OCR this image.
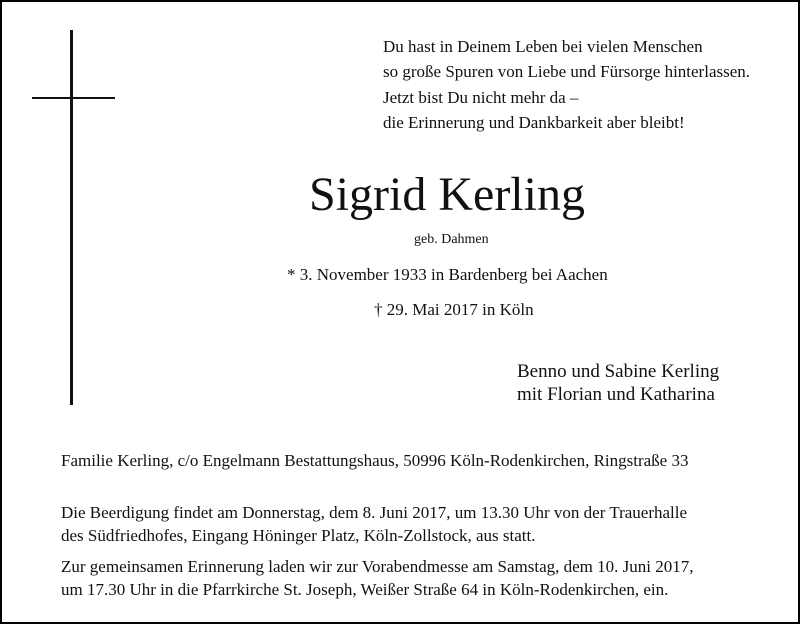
Du hast in Deinem Leben bei vielen Menschen
so große Spuren von Liebe und Fürsorge hinterlassen.
Jetzt bist Du nicht mehr da –
die Erinnerung und Dankbarkeit aber bleibt!

Sigrid Kerling
geb. Dahmen
* 3. November 1933 in Bardenberg bei Aachen
† 29. Mai 2017 in Köln
Benno und Sabine Kerling
mit Florian und Katharina
Familie Kerling, c/o Engelmann Bestattungshaus, 50996 Köln-Rodenkirchen, Ringstraße 33
Die Beerdigung findet am Donnerstag, dem 8. Juni 2017, um 13.30 Uhr von der Trauerhalle
des Südfriedhofes, Eingang Höninger Platz, Köln-Zollstock, aus statt.
Zur gemeinsamen Erinnerung laden wir zur Vorabendmesse am Samstag, dem 10. Juni 2017,
um 17.30 Uhr in die Pfarrkirche St. Joseph, Weißer Straße 64 in Köln-Rodenkirchen, ein.
